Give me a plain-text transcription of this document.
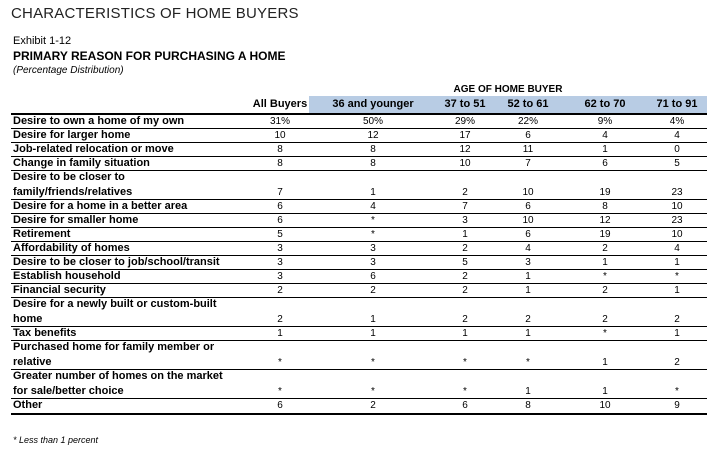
CHARACTERISTICS OF HOME BUYERS
Exhibit 1-12
PRIMARY REASON FOR PURCHASING A HOME
(Percentage Distribution)
AGE OF HOME BUYER
All Buyers	36 and younger	37 to 51	52 to 61	62 to 70	71 to 91
Desire to own a home of my own	31%	50%	29%	22%	9%	4%
Desire for larger home	10	12	17	6	4	4
Job-related relocation or move	8	8	12	11	1	0
Change in family situation	8	8	10	7	6	5
Desire to be closer to
family/friends/relatives	7	1	2	10	19	23
Desire for a home in a better area	6	4	7	6	8	10
Desire for smaller home	6	*	3	10	12	23
Retirement	5	*	1	6	19	10
Affordability of homes	3	3	2	4	2	4
Desire to be closer to job/school/transit	3	3	5	3	1	1
Establish household	3	6	2	1	*	*
Financial security	2	2	2	1	2	1
Desire for a newly built or custom-built
home	2	1	2	2	2	2
Tax benefits	1	1	1	1	*	1
Purchased home for family member or
relative	*	*	*	*	1	2
Greater number of homes on the market
for sale/better choice	*	*	*	1	1	*
Other	6	2	6	8	10	9
* Less than 1 percent
